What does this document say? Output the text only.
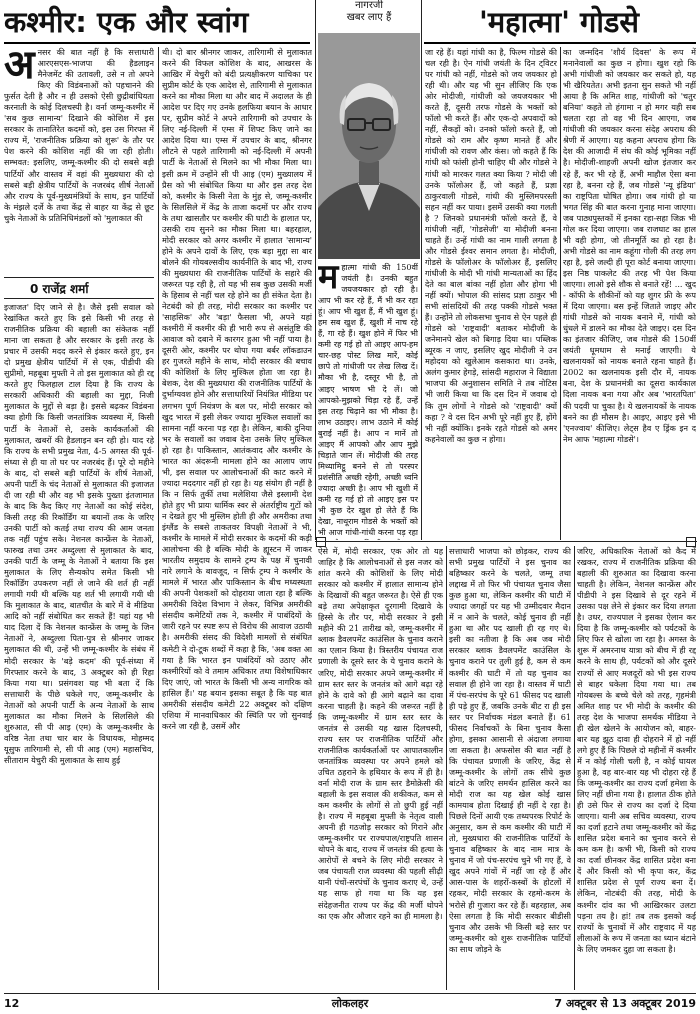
कश्मीर: एक और स्वांग	'महात्मा' गोडसे
अ नसर की बात नहीं है कि सत्ताधारी आरएसएस-भाजपा की हैडलाइन मैनेजमेंट की उतावली, उसे न तो अपने किए की विडंबनाओं को पहचानने की फुर्सत देती है और न ही उसको ऐसी छुद्रीबांधियता करनाती के कोई दिलचस्पी है। वर्ना जम्मू-कश्मीर में 'सब कुछ सामान्य' दिखाने की कोशिश में इस सरकार के तानातिरेत कदमों को, इस उस गिरफ्त में राज्य में, 'राजनीतिक प्रक्रिया को शुरू' के तौर पर पेश करने की कोशिश नहीं की जा रही होती। सम्भवत: इसलिए, जम्मू-कश्मीर की दो सबसे बड़ी पार्टियों और वास्तव में वहां की मुख्यधारा की दो सबसे बड़ी क्षेत्रीय पार्टियों के नजरबंद शीर्ष नेताओं और राज्य के पूर्व-मुख्यमंत्रियों के साथ, इन पार्टियों के मंझले दर्जे के तथा केंद्र से बाहर या केंद्र से छूट चुके नेताओं के प्रतिनिधिमंडलों को 'मुलाकात की
0 राजेंद्र शर्मा
इजाजत' दिए जाने से है। जैसे इसी सवाल को रेखांकित करते हुए कि इसे किसी भी तरह से राजनीतिक प्रक्रिया की बहाली का संकेतक नहीं माना जा सकता है और सरकार के इसी तरह के प्रचार में उसकी मदद करने से इंकार करते हुए, इन दो प्रमुख क्षेत्रीय पार्टियों में से एक, पीडीपी की सुप्रीमो, महबूबा मुफ्ती ने तो इस मुलाकात को ही रद्द करते हुए फिलहाल टाल दिया है कि राज्य के सरकारी अधिकारी की बहाली का मुद्दा, निजी मुलाकात के मुद्दों से बड़ा है। इससे बढ़कर विडंबना क्या होगी कि किसी जनतांत्रिक व्यवस्था में, किसी पार्टी के नेताओं से, उसके कार्यकर्ताओं की मुलाकात, खबरों की हैडलाइन बन रही हो। याद रहे कि राज्य के सभी प्रमुख नेता, 4-5 अगस्त की पूर्व-संध्या से ही या तो घर पर नजरबंद हैं। पूरे दो महीने के बाद, दो सबसे बड़ी पार्टियों के शीर्ष नेताओं, अपनी पार्टी के चंद नेताओं से मुलाकात की इजाजत दी जा रही थी और वह भी इसके पुख्ता इंतजामात के बाद कि कैद किए गए नेताओं का कोई संदेश, किसी तरह की रिकॉर्डिंग या बयानों तक के जरिए उनकी पार्टी को कतई तथा राज्य की आम जनता तक नहीं पहुंच सके। नेशनल कान्फ्रेंस के नेताओं, फारुख तथा उमर अब्दुल्ला से मुलाकात के बाद, उनकी पार्टी के जम्मू के नेताओं ने बताया कि इस मुलाकात के लिए सैन्यकोप समेत किसी भी रिकॉर्डिंग उपकरण नहीं ले जाने की शर्त ही नहीं लगायी गयी थी बल्कि यह शर्त भी लगायी गयी थी कि मुलाकात के बाद, बातचीत के बारे में वे मीडिया आदि को नहीं संबोधित कर सकते हैं! यहां यह भी याद दिला दें कि नेशनल कान्फ्रेंस के जम्मू के जिन नेताओं ने, अब्दुल्ला पिता-पुत्र से श्रीनगर जाकर मुलाकात की थी, उन्हें भी जम्मू-कश्मीर के संबंध में मोदी सरकार के 'बड़े कदम' की पूर्व-संध्या में गिरफ्तार करने के बाद, 3 अक्टूबर को ही रिहा किया गया था। प्रसंगवश यह भी बता दें कि सत्ताधारी के पीछे धकेले गए, जम्मू-कश्मीर के नेताओं को अपनी पार्टी के अन्य नेताओं के साथ मुलाकात का मौका मिलने के सिलसिले की शुरुआत, सी पी आइ (एम) के जम्मू-कश्मीर के वरिष्ठ नेता तथा चार बार के विधायक, मोहम्मद यूसुफ तारिगामी से, सी पी आइ (एम) महासचिव, सीताराम येचुरी की मुलाकात के साथ हुई
थी। दो बार श्रीनगर जाकर, तारिगामी से मुलाकात करने की विफल कोशिश के बाद, आखरस के आखिर में येचुरी को बंदी प्रत्यक्षीकरण याचिका पर सुप्रीम कोर्ट के एक आदेश से, तारिगामी से मुलाकात करने का मौका मिला था और बाद में अदालत के ही आदेश पर दिए गए उनके हलफिया बयान के आधार पर, सुप्रीम कोर्ट ने अपने तारिगामी को उपचार के लिए नई-दिल्ली में एम्स में शिफ्ट किए जाने का आदेश दिया था। एम्स में उपचार के बाद, श्रीनगर लौटने से पहले तारिगामी को नई-दिल्ली में अपनी पार्टी के नेताओं से मिलने का भी मौका मिला था। इसी क्रम में उन्होंने सी पी आइ (एम) मुख्यालय में प्रैस को भी संबोधित किया था और इस तरह देश को, कश्मीर के किसी नेता के मुंह से, जम्मू-कश्मीर के सिलसिले में केंद्र के ताजा कदमों पर और राज्य के तथा खासतौर पर कश्मीर की घाटी के हालात पर, उसकी राय सुनने का मौका मिला था। बहरहाल, मोदी सरकार को अगर कश्मीर में हालात 'सामान्य' होने के अपने दावों के लिए, एक बड़ा मुद्दा सा बार बोलने की गोयबल्सवीय कार्यनीति के बाद भी, राज्य की मुख्यधारा की राजनीतिक पार्टियों के सहारे की जरूरत पड़ रही है, तो यह भी सब कुछ उसकी मर्जी के हिसाब से नहीं चल रहे होने का ही संकेत देता है। नेटबंदी को ही तरह, मोदी सरकार का कश्मीर पर 'साहसिक' और 'बड़ा' फैसला भी, अपने यहां कश्मीरी में कश्मीर की ही भारी रूप से असंतुष्टि की आवाज को दबाने में कारगर हुआ भी नहीं पाया है। दूसरी ओर, कश्मीर पर थोपा गया बर्बर लॉकडाउन हर गुजरते महीने के साथ, मोदी सरकार की बचाव की कोशिशों के लिए मुश्किल होता जा रहा है। बेशक, देश की मुख्यधारा की राजनीतिक पार्टियों के दुर्भाग्यवश होने और सत्ताधारियों नियंत्रित मीडिया पर लगभग पूर्ण नियंत्रण के बल पर, मोदी सरकार को खुद भारत में इसी लेकर ज्यादा मुश्किल सवालों का सामना नहीं करना पड़ रहा है। लेकिन, बाकी दुनिया भर के सवालों का जवाब देना उसके लिए मुश्किल हो रहा है। पाकिस्तान, आतंकवाद और कश्मीर के भारत का अंदरूनी मामला होने का आलाप जाप भी, इस सवाल पर आलोचनाओं की काट करने में ज्यादा मददगार नहीं हो रहा है। यह संयोग ही नहीं है कि न सिर्फ तुर्की तथा मलेशिया जैसे इस्लामी देश होते हुए भी प्रायः धार्मिक स्वर से अंतर्राष्ट्रीय गुटों को न देखते हुए भी मुस्लिम होती ही और अमरीका तथा इंग्लैंड के सबसे ताकतवर विपक्षी नेताओं ने भी, कश्मीर के मामले में मोदी सरकार के कदमों की कड़ी आलोचना की है बल्कि मोदी के ह्यूस्टन में जाकर भारतीय समुदाय के सामने ट्रम्प के पक्ष में चुनावी नारे लगाने के बावजूद, न सिर्फ ट्रम्प ने कश्मीर के मामले में भारत और पाकिस्तान के बीच मध्यस्थता की अपनी पेशकशों को दोहराया जाता रहा है बल्कि अमरीकी विदेश विभाग ने लेकर, विभिन्न अमरीकी संसदीय कमेटियों तक ने, कश्मीर में पाबंदियों के जारी रहने पर स्पष्ट रूप से विरोध की आवाज उठायी है। अमरीकी संसद की विदेशी मामलों से संबंधित कमेटी ने दो-टूक शब्दों में कहा है कि, 'अब वक्त आ गया है कि भारत इन पाबंदियों को उठाए और कश्मीरियों को वे तमाम अधिकार तथा विशेषाधिकार दिए जाएं, जो भारत के किसी भी अन्य नागरिक को हासिल हैं।' यह बयान इसका सबूत है कि यह बात अमरीकी संसदीय कमेटी 22 अक्टूबर को दक्षिण एशिया में मानवाधिकार की स्थिति पर जो सुनवाई करने जा रही है, उसमें और
नागरजी
खबर लाए हैं
म हात्मा गांधी की 150वीं जयंती है। उनकी बहुत जयजयकार हो रही है। आप भी कर रहे हैं, मैं भी कर रहा हूं। आप भी खुश हैं, मैं भी खुश हूं। हम सब खुश हैं, खुशी में नाच रहे हैं, गा रहे हैं। खुश होने में फिर भी कमी रह गई हो तो आइए आप-हम चार-छह पोस्ट लिख मारें, कोई छापे तो गांधीजी पर लेख लिख दें। मौका भी है, दस्तूर भी है, तो आइए भाषण भी दे लें। जो आपको-मुझको चिड़ा रहे हैं, उन्हें इस तरह चिढ़ाने का भी मौका है। लाभ उठाइए। लाभ उठाने में कोई बुराई नहीं है। आप न मानें तो आइए मैं आपको और आप मुझे चिड़ाते जान लें। मोदीजी की तरह मिथ्यामिट्ठू बनने से तो परस्पर प्रशंसीति अच्छी रहेगी, अच्छी ध्वनि ज्यादा अच्छी है। आप भी खुशी में कमी रह गई हो तो आइए इस पर भी कुछ देर खुश हो लेते हैं कि देखा, नाथूराम गोडसे के भक्तों को भी आज गांधी-गांधी करना पड़ रहा
जा रहे हैं। यहां गांधी का है, फिल्म गोडसे की चल रही है। ऐन गांधी जयंती के दिन ट्विटर पर गांधी को नहीं, गोडसे को जय जयकार हो रही थी। और यह भी सुन लीजिए कि एक ओर मोदीजी, गांधीजी को जयजयकार भी करते हैं, दूसरी तरफ गोडसे के भक्तों को फॉलो भी करते हैं। और एक-दो अपवादों को नहीं, सैकड़ों को। उनको फॉलो करते हैं, जो गोडसे को राम और कृष्ण मानते हैं और गांधीजी को रावण और कंस। जो कहते हैं कि गांधी को फांसी होनी चाहिए थी और गोडसे ने गांधी को मारकर गलत क्या किया ? मोदी जी उनके फॉलोअर हैं, जो कहते हैं, प्रज्ञा ठाकुरवाली गोडसे, गांधी की मुस्लिमपरस्ती सहन नहीं कर पाया। इसमें उसकी क्या गलती है ? जिनको प्रधानमंत्री फॉलो करते हैं, वे गांधीजी नहीं, 'गोडसेजी' या मोदीजी बनना चाहते हैं। उन्हें गांधी का नाम गाली लगता है और गोडसे ईश्वर समान लगता है। मोदीजी, गोडसे के फॉलोअर के फॉलोअर हैं, इसलिए गांधीजी के मोदी भी गांधी मान्यताओं का हिंद देते का बाल बांका नहीं होता और होगा भी नहीं क्यों। भोपाल की सांसद प्रज्ञा ठाकुर भी सभी सांसदियों की तरह पक्की गोडसे भक्त हैं। उन्होंने तो लोकसभा चुनाव से ऐन पहले ही गोडसे को 'राष्ट्रवादी' बताकर मोदीजी के जनेमानपे खेल को बिगाड़ दिया था। पब्लिक ब्यूरक न जाए, इसलिए खुद मोदीजी ने उन महोदया को खुलेआम कसकारा था। उनके, अलंग कुमार हेगड़े, सांसदी महाराज ने विद्याता भाजपा की अनुशासन समिति ने तब नोटिस भी जारी किया था कि दस दिन में जवाब दो कि तुम लोगों ने गोडसे को 'राष्ट्रवादी' क्यों कहा ? वे दस दिन अभी पूरे नहीं हुए हैं, होंगे भी नहीं क्योंकि। इनके रहते गोडसे को अमर कहनेवालों का कुछ न होगा।
का जन्मदिन 'शौर्य दिवस' के रूप में मनानेवालों का कुछ न होगा। खुश रहो कि अभी गांधीजी को जयकार कर सकते हो, यह भी खैरियतेत। अभी इतना सुन सकते भी नहीं आया है कि अमित शाह, गांधीजी को 'चतुर बनिया' कहते तो हंगामा न हो मगर यही सब चलता रहा तो वह भी दिन आएगा, जब गांधीजी की जयकार करना संदेह अपराध की श्रेणी में आएगा। यह कहना अपराध होगा कि देश की आजादी में संघ की कोई भूमिका नहीं है। मोदीजी-शाहजी अपनी खोज इंतजार कर रहे हैं, कर भी रहे हैं, अभी माहौल ऐसा बना रहा है, बनना रहे हैं, जब गोडसे 'न्यू इंडिया' का राष्ट्रपिता घोषित होगा। जब गांधी हो या भगत सिंह की बात करना गुनाह माना जाएगा। जब पाठ्यपुस्तकों में इनका रहा-सहा जिक्र भी गोल कर दिया जाएगा। जब राजघाट का हाल भी वही होगा, जो तीनमूर्ति का हो रहा है। अभी गोडसे का नाम कहूंगा गोली की तरह लग रहा है, इसे जल्दी ही पूरा कोर्ट बनाया जाएगा। इस निष्ठ पाकलेट की तरह भी पेश किया जाएगा। लाओ इसे शौक से बनाते रहें! ... खुद - कॉफी के शौकीनों को यह शुगर फ्री के रूप में दिया जाएगा। बस इन्हें जिताते जाइए और गांधी गोडसे को नायक बनाने में, गांधी को धुंधले में डालने का मौका देते जाइए। दस दिन का इंतजार कीजिए, जब गोडसे की 150वीं जयंती धूमधाम से मनाई जाएगी। ये खलनायकों को नायक बनाते रहना चाहते हैं। 2002 का खलनायक इसी दौर में, नायक बना, देश के प्रधानमंत्री का दूसरा कार्यकाल दिला नायक बना गया और अब 'भारतपिता' की पदवी पा चुका है। ये खलनायकों के नायक बनने का ही मौसम है। आइए, आइए इसे भी 'एनज्वाय' कीजिए। लेट्स हैव ए ड्रिंक इन द नेम आफ 'महात्मा गोडसे'।
ऐसे में, मोदी सरकार, एक ओर तो यह जाहिर है कि आलोचनाओं से इस नजर को शांत करने की कोशिशों के लिए मोदी सरकार को कश्मीर में हालात सामान्य होने के दिखावों की बहुत जरूरत है। ऐसे ही एक बड़े तथा अपेक्षाकृत दूरगामी दिखावे के हिस्से के तौर पर, मोदी सरकार ने इसी महीने की 21 तारीख को, जम्मू-कश्मीर में ब्लाक डैवलपमेंट काउंसिल के चुनाव कराने का एलान किया है। त्रिस्तरीय पंचायत राज प्रणाली के दूसरे स्तर के ये चुनाव कराने के जरिए, मोदी सरकार अपने जम्मू-कश्मीर में ग्राम स्तर स्तर के जनतंत्र को आगे बढ़ा रहे होने के दावे को ही आगे बढ़ाने का दावा करना चाहती है। कहने की जरूरत नहीं है कि जम्मू-कश्मीर में ग्राम स्तर स्तर के जनतंत्र से उसकी यह खास दिलचस्पी, राज्य स्तर पर राजनीतिक पार्टियों और राजनीतिक कार्यकर्ताओं पर आपातकालीन जनतांत्रिक व्यवस्था पर अपने हमले को उचित ठहराने के हथियार के रूप में ही है। वर्ना मोदी राज के ग्राम स्तर डैमोक्रेसी की बहाली के इस सवाल की शकीकत, कम से कम कश्मीर के लोगों से तो छुपी हुई नहीं है। राज्य में महबूबा मुफ्ती के नेतृत्व वाली अपनी ही गठजोड़ सरकार को गिराने और जम्मू-कश्मीर पर राज्यपाल/राष्ट्रपति शासन थोपने के बाद, राज्य में जनतंत्र की हत्या के आरोपों से बचने के लिए मोदी सरकार ने जब पंचायती राज व्यवस्था की पहली सीढ़ी यानी पंचों-सरपंचों के चुनाव कराए थे, उन्हें यह साफ हो गया था कि यह इस संदेहजनीत राज्य पर केंद्र की मर्जी थोपने का एक और औजार रहने का ही मामला है।
सत्ताधारी भाजपा को छोड़कर, राज्य की सभी प्रमुख पार्टियों ने इस चुनाव का बहिष्कार करने के चलते, जम्मू तथा लद्दाख में तो फिर भी पंचायत चुनाव जैसा कुछ हुआ था, लेकिन कश्मीर की घाटी में ज्यादा जगहों पर यह भी उम्मीदवार मैदान में न आने के चलते, कोई चुनाव ही नहीं हुआ था और पद खाली ही रह गए थे। इसी का नतीजा है कि अब जब मोदी सरकार ब्लाक डैवलपमेंट काउंसिल के चुनाव कराने पर तुली हुई है, कम से कम कश्मीर की घाटी में तो यह चुनाव का सवाल ही होने जा रहा है। वास्तव में घाटी में पंच-सरपंच के पूरे 61 फीसद पद खाली ही पड़े हुए हैं, जबकि उनके बीट रा ही इस स्तर पर निर्वाचक मंडल बनाते हैं। 61 फीसद निर्वाचकों के बिना चुनाव कैसा होगा, इसका आसानी से अंदाजा लगाया जा सकता है। अफसोस की बात नहीं है कि पंचायत प्रणाली के जरिए, केंद्र से जम्मू-कश्मीर के लोगों तक सीधे कुछ बांटने के जरिए समर्थन हासिल करने का मोदी राज का यह खेल कोई खास कामयाब होता दिखाई ही नहीं दे रहा है। पिछले दिनों आयी एक तथ्यपरक रिपोर्ट के अनुसार, कम से कम कश्मीर की घाटी में तो, मुख्यधारा की राजनीतिक पार्टियों के चुनाव बहिष्कार के बाद नाम मात्र के चुनाव में जो पंच-सरपंच चुने भी गए हैं, वे खुद अपने गांवों में नहीं जा रहे हैं और आस-पास के शहरों-कस्बों के होटलों में रहकर, मोदी सरकार के रहमो-करम के भरोसे ही गुजारा कर रहे हैं। बहरहाल, अब ऐसा लगता है कि मोदी सरकार बीडीसी चुनाव और उसके भी किसी बड़े स्तर पर जम्मू-कश्मीर को शुरू राजनीतिक पार्टियों का साथ जोड़ने के
जरिए, अधिकारिक नेताओं को कैद में रखकर, राज्य में राजनीतिक प्रक्रिया की बहाली की शुरुआत का दिखावा करना चाहती है। लेकिन, नेशनल कान्फ्रेंस और पीडीपी ने इस दिखावे से दूर रहने में उसका पक्ष लेने से इंकार कर दिया लगता है। उधर, राज्यपाल ने इसका ऐलान कर दिया है कि जम्मू-कश्मीर को पर्यटकों के लिए फिर से खोला जा रहा है। अगस्त के शुरू में अमरनाथ यात्रा को बीच में ही रद्द करने के साथ ही, पर्यटकों को और दूसरे राज्यों से आए मजदूरों को भी इस राज्य से बाहर धकेला दिया गया था। तब गोयबल्स के बच्चे चेले को तरह, गृहमंत्री अमित शाह पर भी मोदी के कश्मीर की तरह देश के भाजपा समर्थक मीडिया ने ही खेल खेलने के आयोजन को, बाहर-बार यह झूठ दावा ही दोहराने में हो नहीं लगे हुए हैं कि पिछले दो महीनों में कश्मीर में न कोई गोली चली है, न कोई घायल हुआ है, वह बार-बार यह भी दोहरा रहे हैं कि जम्मू-कश्मीर का राज्य दर्जा हमेशा के लिए नहीं छीना गया है। हालात ठीक होते ही उसे फिर से राज्य का दर्जा दे दिया जाएगा। यानी अब सचिव व्यवस्था, राज्य का दर्जा हटाने तथा जम्मू-कश्मीर को केंद्र शासित प्रदेश बनाने का चुनाव करने से कम कम है। कभी भी, किसी को राज्य का दर्जा छीनकर केंद्र शासित प्रदेश बना दें और किसी को भी कृपा कर, केंद्र शासित प्रदेश से पूर्ण राज्य बना दें। लेकिन, नोटबंदी की तरह, मोदी के कश्मीर दांव का भी आखिरकार उलटा पड़ना तय है। हां! तब तक इसको कई राज्यों के चुनावों में और राष्ट्रवाद में यह लीलाओं के रूप में जनता का ध्यान बंटाने के लिए जमकर दुहा जा सकता है।
12	लोकलहर	7 अक्टूबर से 13 अक्टूबर 2019
